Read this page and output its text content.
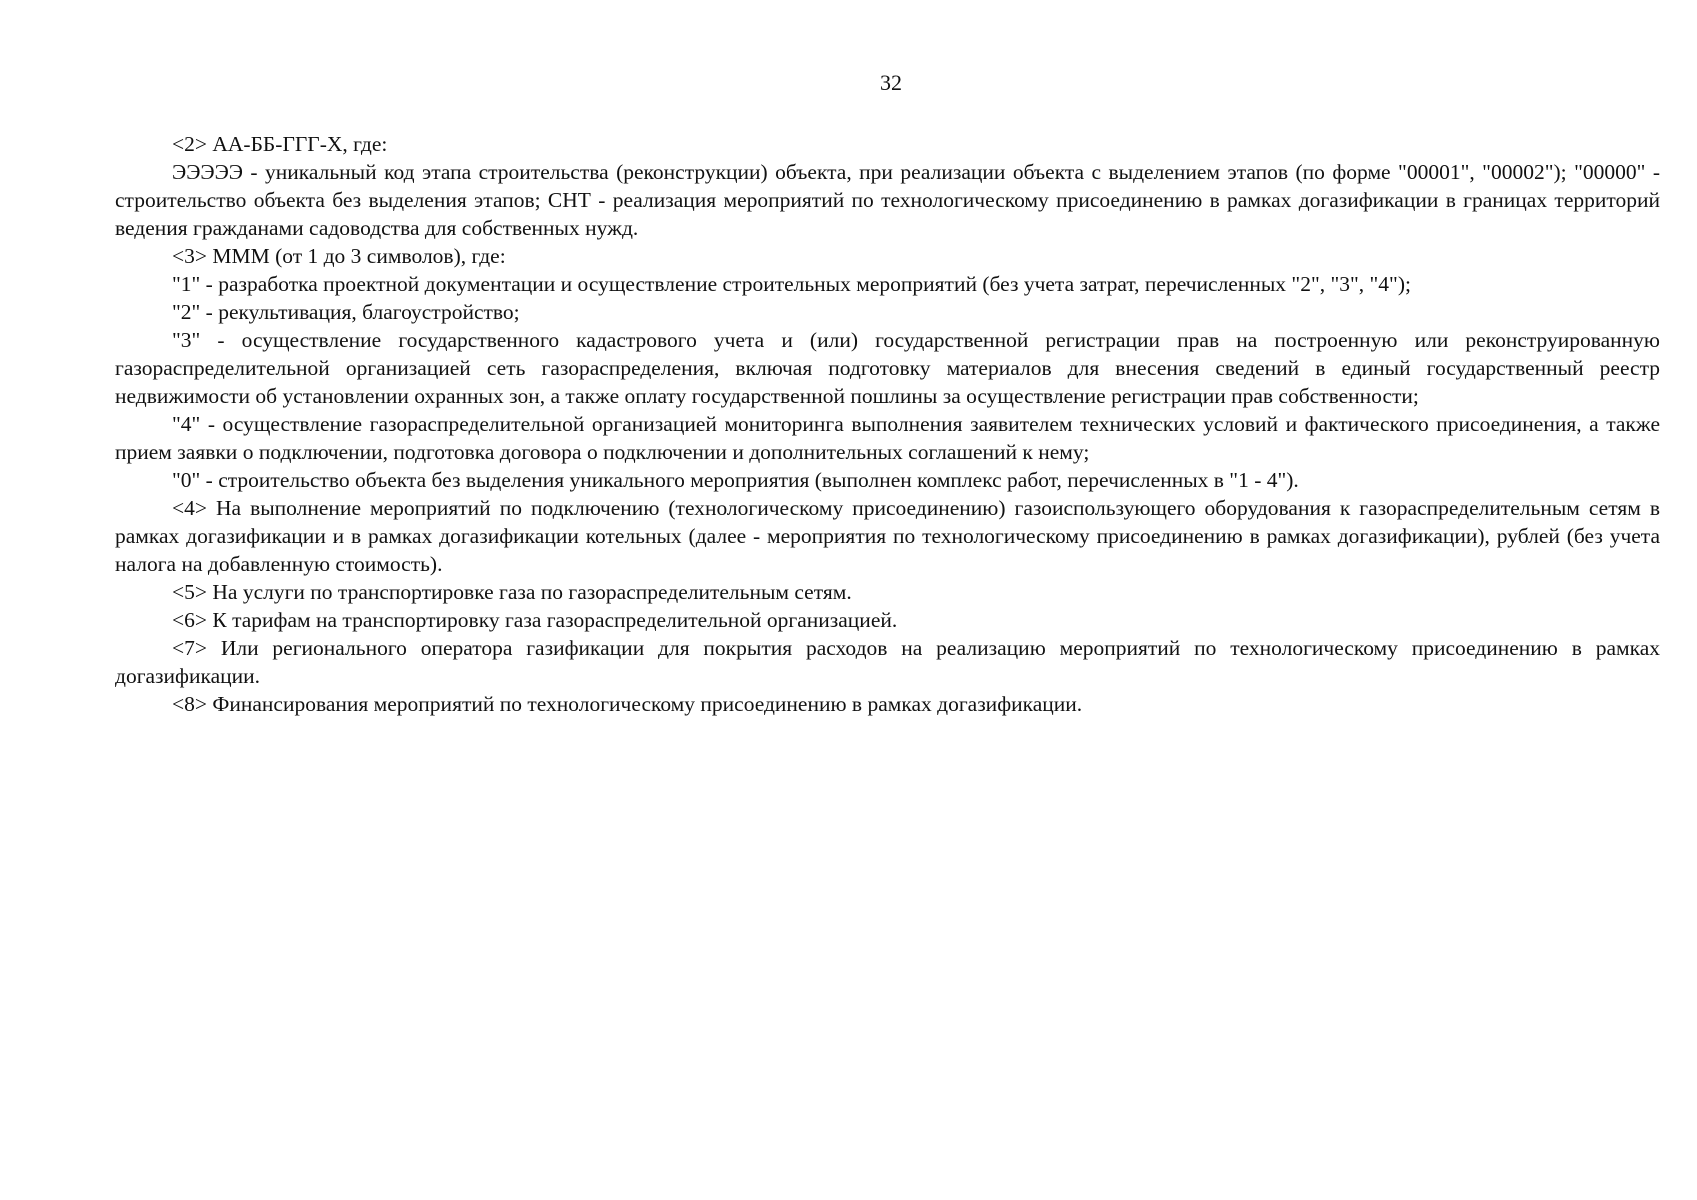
32

<2> АА-ББ-ГГГ-Х, где:

ЭЭЭЭЭ - уникальный код этапа строительства (реконструкции) объекта, при реализации объекта с выделением этапов (по форме "00001", "00002"); "00000" - строительство объекта без выделения этапов; СНТ - реализация мероприятий по технологическому присоединению в рамках догазификации в границах территорий ведения гражданами садоводства для собственных нужд.

<3> МММ (от 1 до 3 символов), где:

"1" - разработка проектной документации и осуществление строительных мероприятий (без учета затрат, перечисленных "2", "3", "4");

"2" - рекультивация, благоустройство;

"3" - осуществление государственного кадастрового учета и (или) государственной регистрации прав на построенную или реконструированную газораспределительной организацией сеть газораспределения, включая подготовку материалов для внесения сведений в единый государственный реестр недвижимости об установлении охранных зон, а также оплату государственной пошлины за осуществление регистрации прав собственности;

"4" - осуществление газораспределительной организацией мониторинга выполнения заявителем технических условий и фактического присоединения, а также прием заявки о подключении, подготовка договора о подключении и дополнительных соглашений к нему;

"0" - строительство объекта без выделения уникального мероприятия (выполнен комплекс работ, перечисленных в "1 - 4").

<4> На выполнение мероприятий по подключению (технологическому присоединению) газоиспользующего оборудования к газораспределительным сетям в рамках догазификации и в рамках догазификации котельных (далее - мероприятия по технологическому присоединению в рамках догазификации), рублей (без учета налога на добавленную стоимость).

<5> На услуги по транспортировке газа по газораспределительным сетям.

<6> К тарифам на транспортировку газа газораспределительной организацией.

<7> Или регионального оператора газификации для покрытия расходов на реализацию мероприятий по технологическому присоединению в рамках догазификации.

<8> Финансирования мероприятий по технологическому присоединению в рамках догазификации.
